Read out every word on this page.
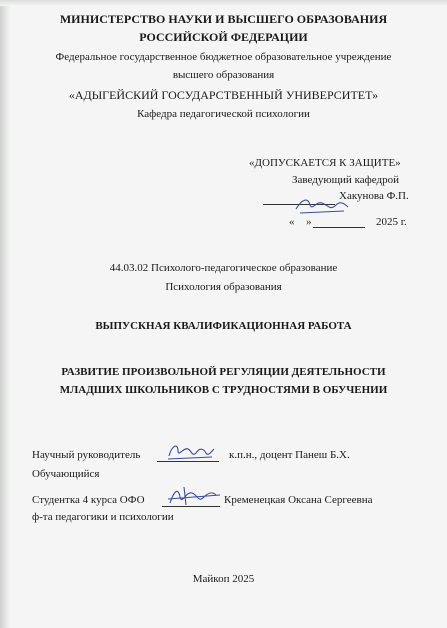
МИНИСТЕРСТВО НАУКИ И ВЫСШЕГО ОБРАЗОВАНИЯ
РОССИЙСКОЙ ФЕДЕРАЦИИ
Федеральное государственное бюджетное образовательное учреждение
высшего образования
«АДЫГЕЙСКИЙ ГОСУДАРСТВЕННЫЙ УНИВЕРСИТЕТ»
Кафедра педагогической психологии
«ДОПУСКАЕТСЯ К ЗАЩИТЕ»
Заведующий кафедрой
Хакунова Ф.П.
« »	2025 г.
44.03.02 Психолого-педагогическое образование
Психология образования
ВЫПУСКНАЯ КВАЛИФИКАЦИОННАЯ РАБОТА
РАЗВИТИЕ ПРОИЗВОЛЬНОЙ РЕГУЛЯЦИИ ДЕЯТЕЛЬНОСТИ
МЛАДШИХ ШКОЛЬНИКОВ С ТРУДНОСТЯМИ В ОБУЧЕНИИ
Научный руководитель	к.п.н., доцент Панеш Б.Х.
Обучающийся
Студентка 4 курса ОФО	Кременецкая Оксана Сергеевна
ф-та педагогики и психологии
Майкоп 2025
